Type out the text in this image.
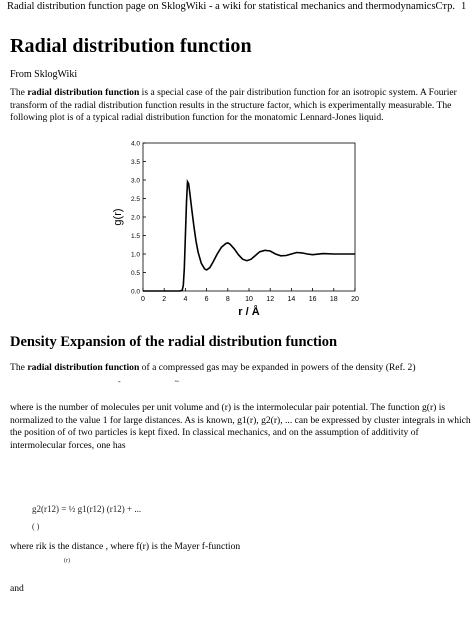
Radial distribution function page on SklogWiki - a wiki for statistical mechanics and thermodynamics Стр. 1
Radial distribution function
From SklogWiki
The radial distribution function is a special case of the pair distribution function for an isotropic system. A Fourier transform of the radial distribution function results in the structure factor, which is experimentally measurable. The following plot is of a typical radial distribution function for the monatomic Lennard-Jones liquid.
0.0
0.5
1.0
1.5
2.0
2.5
3.0
3.5
4.0
0 2 4 6 8 10 12 14 16 18 20
r / Å
g(r)
Density Expansion of the radial distribution function
The radial distribution function of a compressed gas may be expanded in powers of the density (Ref. 2)
-                           ~
where is the number of molecules per unit volume and (r) is the intermolecular pair potential. The function g(r) is normalized to the value 1 for large distances. As is known, g1(r), g2(r), ... can be expressed by cluster integrals in which the position of of two particles is kept fixed. In classical mechanics, and on the assumption of additivity of intermolecular forces, one has
g2(r12) = ½ g1(r12) (r12) + ...
( )
where rik is the distance , where f(r) is the Mayer f-function
(r)
and
